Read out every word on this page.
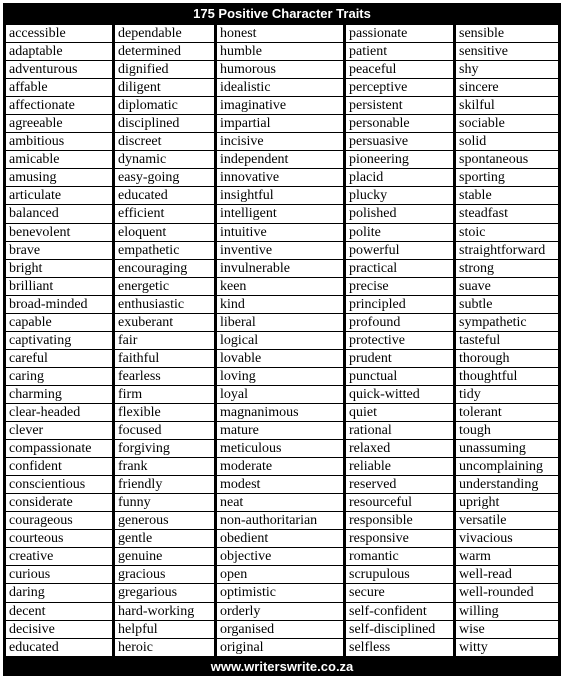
175 Positive Character Traits
accessible	dependable	honest	passionate	sensible
adaptable	determined	humble	patient	sensitive
adventurous	dignified	humorous	peaceful	shy
affable	diligent	idealistic	perceptive	sincere
affectionate	diplomatic	imaginative	persistent	skilful
agreeable	disciplined	impartial	personable	sociable
ambitious	discreet	incisive	persuasive	solid
amicable	dynamic	independent	pioneering	spontaneous
amusing	easy-going	innovative	placid	sporting
articulate	educated	insightful	plucky	stable
balanced	efficient	intelligent	polished	steadfast
benevolent	eloquent	intuitive	polite	stoic
brave	empathetic	inventive	powerful	straightforward
bright	encouraging	invulnerable	practical	strong
brilliant	energetic	keen	precise	suave
broad-minded	enthusiastic	kind	principled	subtle
capable	exuberant	liberal	profound	sympathetic
captivating	fair	logical	protective	tasteful
careful	faithful	lovable	prudent	thorough
caring	fearless	loving	punctual	thoughtful
charming	firm	loyal	quick-witted	tidy
clear-headed	flexible	magnanimous	quiet	tolerant
clever	focused	mature	rational	tough
compassionate	forgiving	meticulous	relaxed	unassuming
confident	frank	moderate	reliable	uncomplaining
conscientious	friendly	modest	reserved	understanding
considerate	funny	neat	resourceful	upright
courageous	generous	non-authoritarian	responsible	versatile
courteous	gentle	obedient	responsive	vivacious
creative	genuine	objective	romantic	warm
curious	gracious	open	scrupulous	well-read
daring	gregarious	optimistic	secure	well-rounded
decent	hard-working	orderly	self-confident	willing
decisive	helpful	organised	self-disciplined	wise
educated	heroic	original	selfless	witty
www.writerswrite.co.za
